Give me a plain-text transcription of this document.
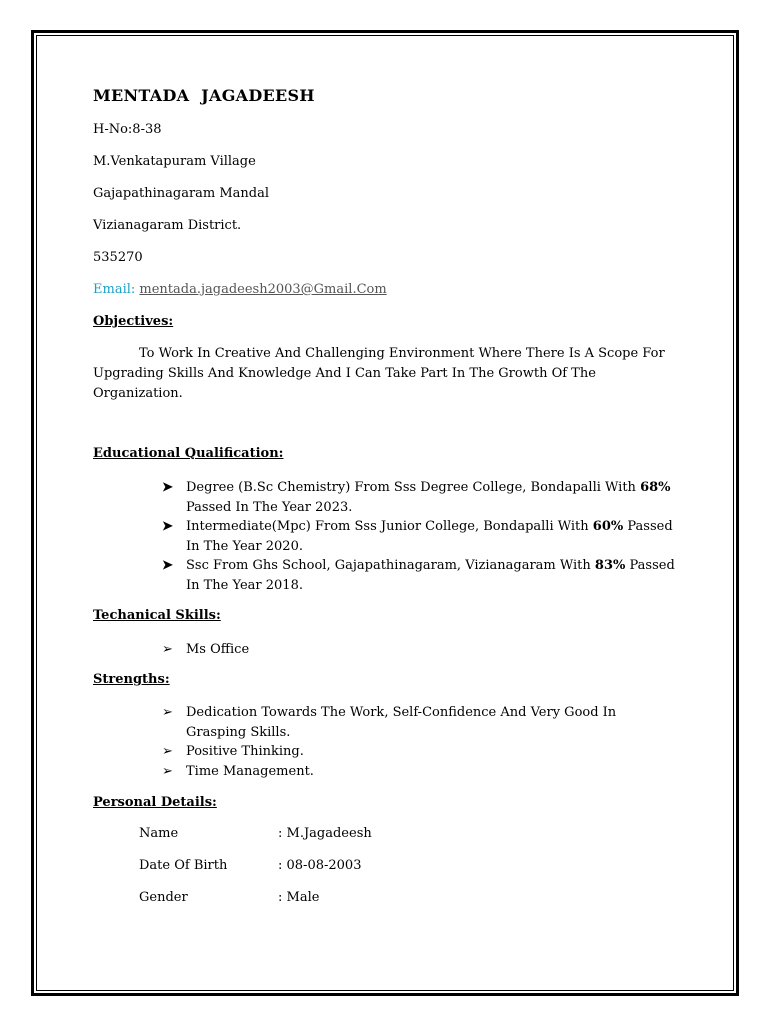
MENTADA  JAGADEESH
H-No:8-38
M.Venkatapuram Village
Gajapathinagaram Mandal
Vizianagaram District.
535270
Email: mentada.jagadeesh2003@Gmail.Com
Objectives:
To Work In Creative And Challenging Environment Where There Is A Scope For Upgrading Skills And Knowledge And I Can Take Part In The Growth Of The Organization.
Educational Qualification:
➤ Degree (B.Sc Chemistry) From Sss Degree College, Bondapalli With 68% Passed In The Year 2023.
➤ Intermediate(Mpc) From Sss Junior College, Bondapalli With 60% Passed In The Year 2020.
➤ Ssc From Ghs School, Gajapathinagaram, Vizianagaram With 83% Passed In The Year 2018.
Techanical Skills:
➢ Ms Office
Strengths:
➢ Dedication Towards The Work, Self-Confidence And Very Good In Grasping Skills.
➢ Positive Thinking.
➢ Time Management.
Personal Details:
Name	: M.Jagadeesh
Date Of Birth	: 08-08-2003
Gender	: Male
